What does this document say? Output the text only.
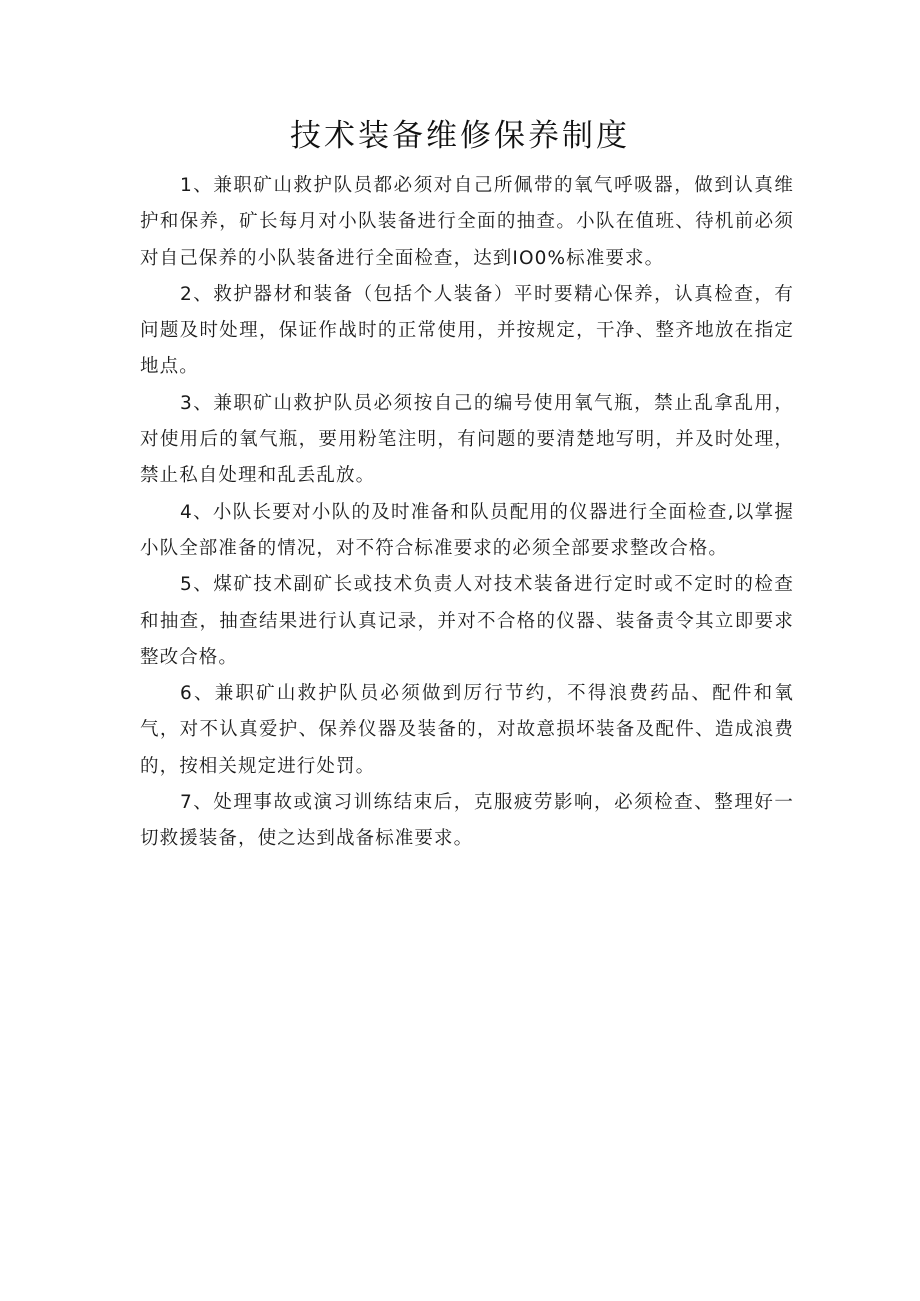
技术装备维修保养制度

1、兼职矿山救护队员都必须对自己所佩带的氧气呼吸器，做到认真维护和保养，矿长每月对小队装备进行全面的抽查。小队在值班、待机前必须对自己保养的小队装备进行全面检查，达到IO0%标准要求。

2、救护器材和装备（包括个人装备）平时要精心保养，认真检查，有问题及时处理，保证作战时的正常使用，并按规定，干净、整齐地放在指定地点。

3、兼职矿山救护队员必须按自己的编号使用氧气瓶，禁止乱拿乱用，对使用后的氧气瓶，要用粉笔注明，有问题的要清楚地写明，并及时处理，禁止私自处理和乱丢乱放。

4、小队长要对小队的及时准备和队员配用的仪器进行全面检查,以掌握小队全部准备的情况，对不符合标准要求的必须全部要求整改合格。

5、煤矿技术副矿长或技术负责人对技术装备进行定时或不定时的检查和抽查，抽查结果进行认真记录，并对不合格的仪器、装备责令其立即要求整改合格。

6、兼职矿山救护队员必须做到厉行节约，不得浪费药品、配件和氧气，对不认真爱护、保养仪器及装备的，对故意损坏装备及配件、造成浪费的，按相关规定进行处罚。

7、处理事故或演习训练结束后，克服疲劳影响，必须检查、整理好一切救援装备，使之达到战备标准要求。
